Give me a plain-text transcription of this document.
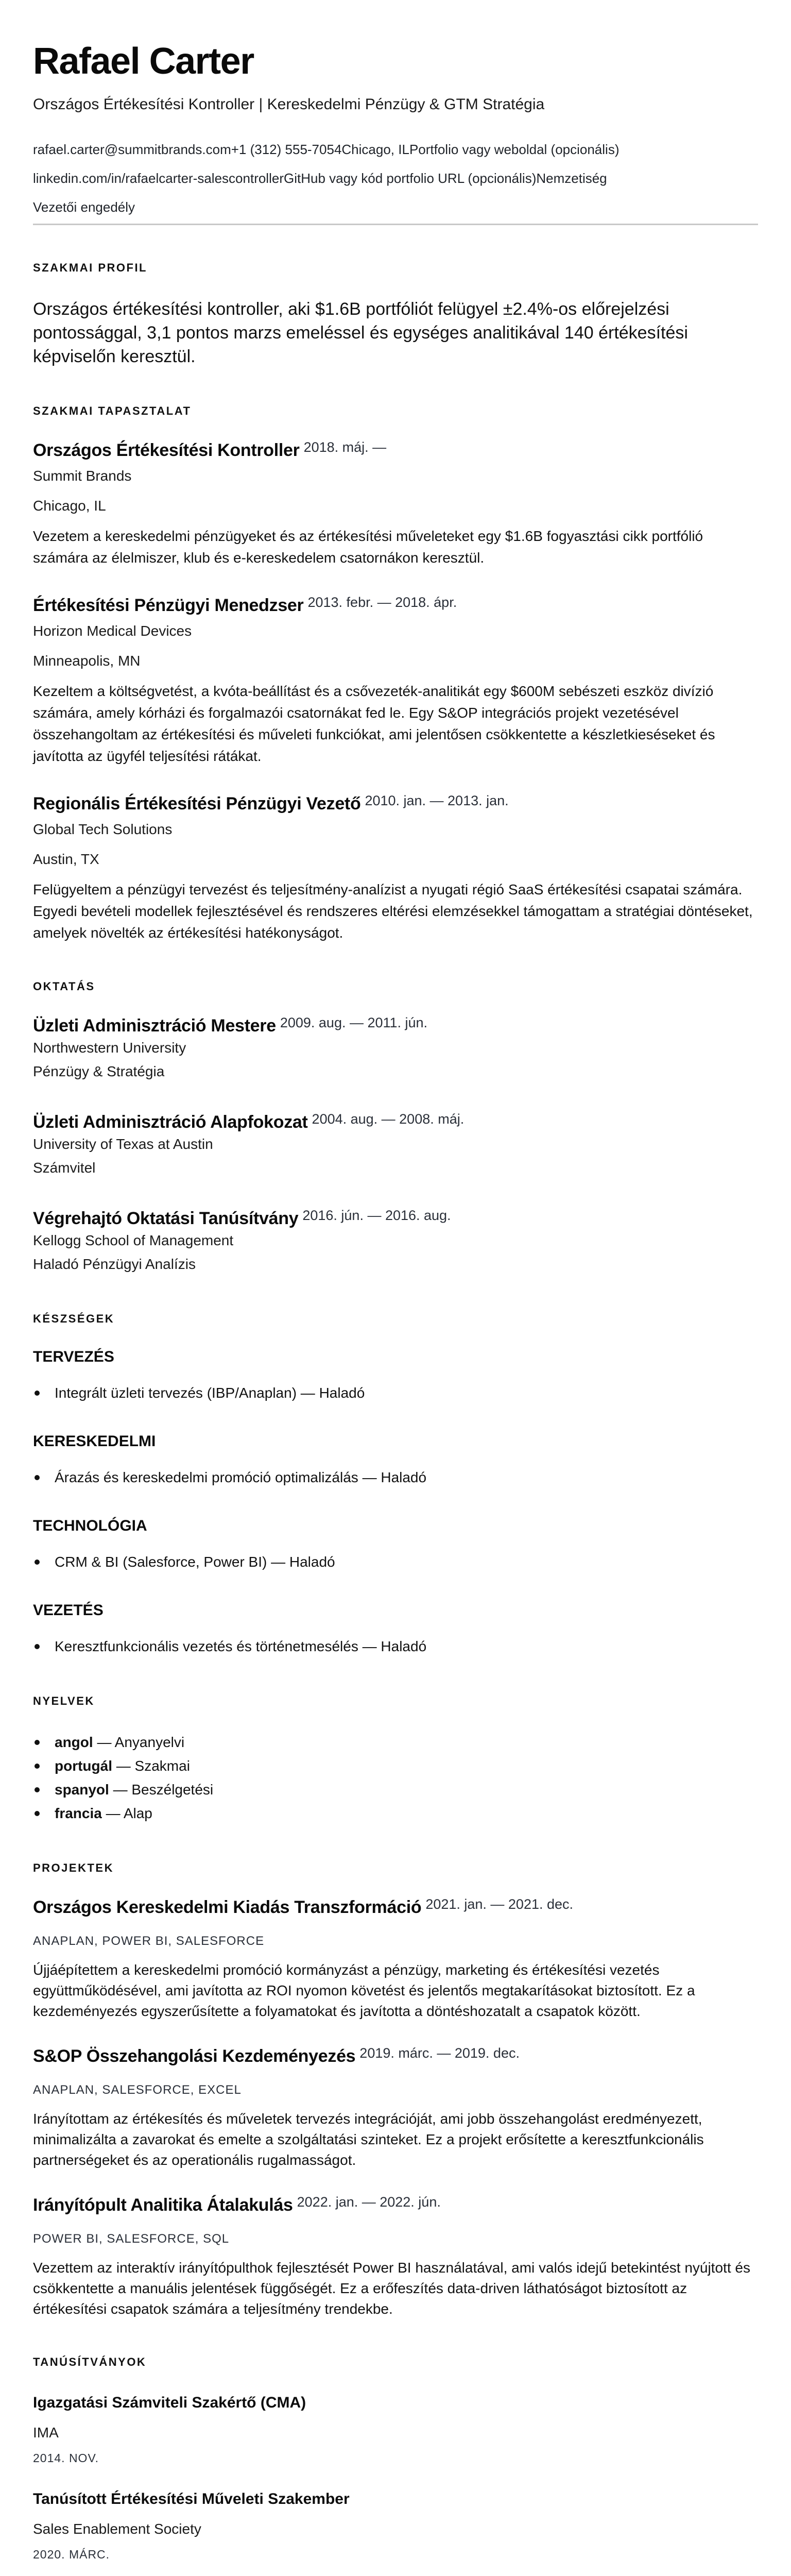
Rafael Carter
Országos Értékesítési Kontroller | Kereskedelmi Pénzügy & GTM Stratégia
rafael.carter@summitbrands.com+1 (312) 555-7054Chicago, ILPortfolio vagy weboldal (opcionális)
linkedin.com/in/rafaelcarter-salescontrollerGitHub vagy kód portfolio URL (opcionális)Nemzetiség
Vezetői engedély
SZAKMAI PROFIL

Országos értékesítési kontroller, aki $1.6B portfóliót felügyel ±2.4%-os előrejelzési pontossággal, 3,1 pontos marzs emeléssel és egységes analitikával 140 értékesítési képviselőn keresztül.

SZAKMAI TAPASZTALAT
Országos Értékesítési Kontroller 2018. máj. —
Summit Brands
Chicago, IL

Vezetem a kereskedelmi pénzügyeket és az értékesítési műveleteket egy $1.6B fogyasztási cikk portfólió számára az élelmiszer, klub és e-kereskedelem csatornákon keresztül.

Értékesítési Pénzügyi Menedzser 2013. febr. — 2018. ápr.
Horizon Medical Devices
Minneapolis, MN

Kezeltem a költségvetést, a kvóta-beállítást és a csővezeték-analitikát egy $600M sebészeti eszköz divízió számára, amely kórházi és forgalmazói csatornákat fed le. Egy S&OP integrációs projekt vezetésével összehangoltam az értékesítési és műveleti funkciókat, ami jelentősen csökkentette a készletkieséseket és javította az ügyfél teljesítési rátákat.

Regionális Értékesítési Pénzügyi Vezető 2010. jan. — 2013. jan.
Global Tech Solutions
Austin, TX

Felügyeltem a pénzügyi tervezést és teljesítmény-analízist a nyugati régió SaaS értékesítési csapatai számára. Egyedi bevételi modellek fejlesztésével és rendszeres eltérési elemzésekkel támogattam a stratégiai döntéseket, amelyek növelték az értékesítési hatékonyságot.

OKTATÁS
Üzleti Adminisztráció Mestere 2009. aug. — 2011. jún.
Northwestern University
Pénzügy & Stratégia
Üzleti Adminisztráció Alapfokozat 2004. aug. — 2008. máj.
University of Texas at Austin
Számvitel
Végrehajtó Oktatási Tanúsítvány 2016. jún. — 2016. aug.
Kellogg School of Management
Haladó Pénzügyi Analízis
KÉSZSÉGEK
TERVEZÉS
Integrált üzleti tervezés (IBP/Anaplan) — Haladó
KERESKEDELMI
Árazás és kereskedelmi promóció optimalizálás — Haladó
TECHNOLÓGIA
CRM & BI (Salesforce, Power BI) — Haladó
VEZETÉS
Keresztfunkcionális vezetés és történetmesélés — Haladó
NYELVEK
angol — Anyanyelvi
portugál — Szakmai
spanyol — Beszélgetési
francia — Alap
PROJEKTEK
Országos Kereskedelmi Kiadás Transzformáció 2021. jan. — 2021. dec.
ANAPLAN, POWER BI, SALESFORCE

Újjáépítettem a kereskedelmi promóció kormányzást a pénzügy, marketing és értékesítési vezetés együttműködésével, ami javította az ROI nyomon követést és jelentős megtakarításokat biztosított. Ez a kezdeményezés egyszerűsítette a folyamatokat és javította a döntéshozatalt a csapatok között.

S&OP Összehangolási Kezdeményezés 2019. márc. — 2019. dec.
ANAPLAN, SALESFORCE, EXCEL

Irányítottam az értékesítés és műveletek tervezés integrációját, ami jobb összehangolást eredményezett, minimalizálta a zavarokat és emelte a szolgáltatási szinteket. Ez a projekt erősítette a keresztfunkcionális partnerségeket és az operationális rugalmasságot.

Irányítópult Analitika Átalakulás 2022. jan. — 2022. jún.
POWER BI, SALESFORCE, SQL

Vezettem az interaktív irányítópulthok fejlesztését Power BI használatával, ami valós idejű betekintést nyújtott és csökkentette a manuális jelentések függőségét. Ez a erőfeszítés data-driven láthatóságot biztosított az értékesítési csapatok számára a teljesítmény trendekbe.

TANÚSÍTVÁNYOK
Igazgatási Számviteli Szakértő (CMA)
IMA
2014. NOV.
Tanúsított Értékesítési Műveleti Szakember
Sales Enablement Society
2020. MÁRC.
